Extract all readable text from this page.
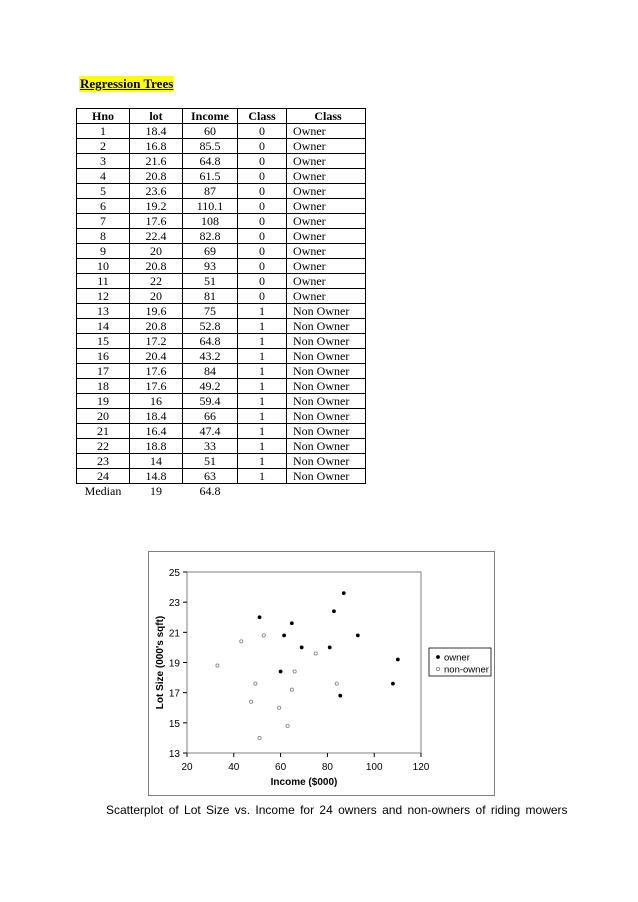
Regression Trees
Hno	lot	Income	Class	Class
1	18.4	60	0	Owner
2	16.8	85.5	0	Owner
3	21.6	64.8	0	Owner
4	20.8	61.5	0	Owner
5	23.6	87	0	Owner
6	19.2	110.1	0	Owner
7	17.6	108	0	Owner
8	22.4	82.8	0	Owner
9	20	69	0	Owner
10	20.8	93	0	Owner
11	22	51	0	Owner
12	20	81	0	Owner
13	19.6	75	1	Non Owner
14	20.8	52.8	1	Non Owner
15	17.2	64.8	1	Non Owner
16	20.4	43.2	1	Non Owner
17	17.6	84	1	Non Owner
18	17.6	49.2	1	Non Owner
19	16	59.4	1	Non Owner
20	18.4	66	1	Non Owner
21	16.4	47.4	1	Non Owner
22	18.8	33	1	Non Owner
23	14	51	1	Non Owner
24	14.8	63	1	Non Owner
Median	19	64.8		
20	40	60	80	100	120
13
15
17
19
21
23
25
Income ($000)
Lot Size (000's sqft)	owner
non-owner
Scatterplot of Lot Size vs. Income for 24 owners and non-owners of riding mowers
